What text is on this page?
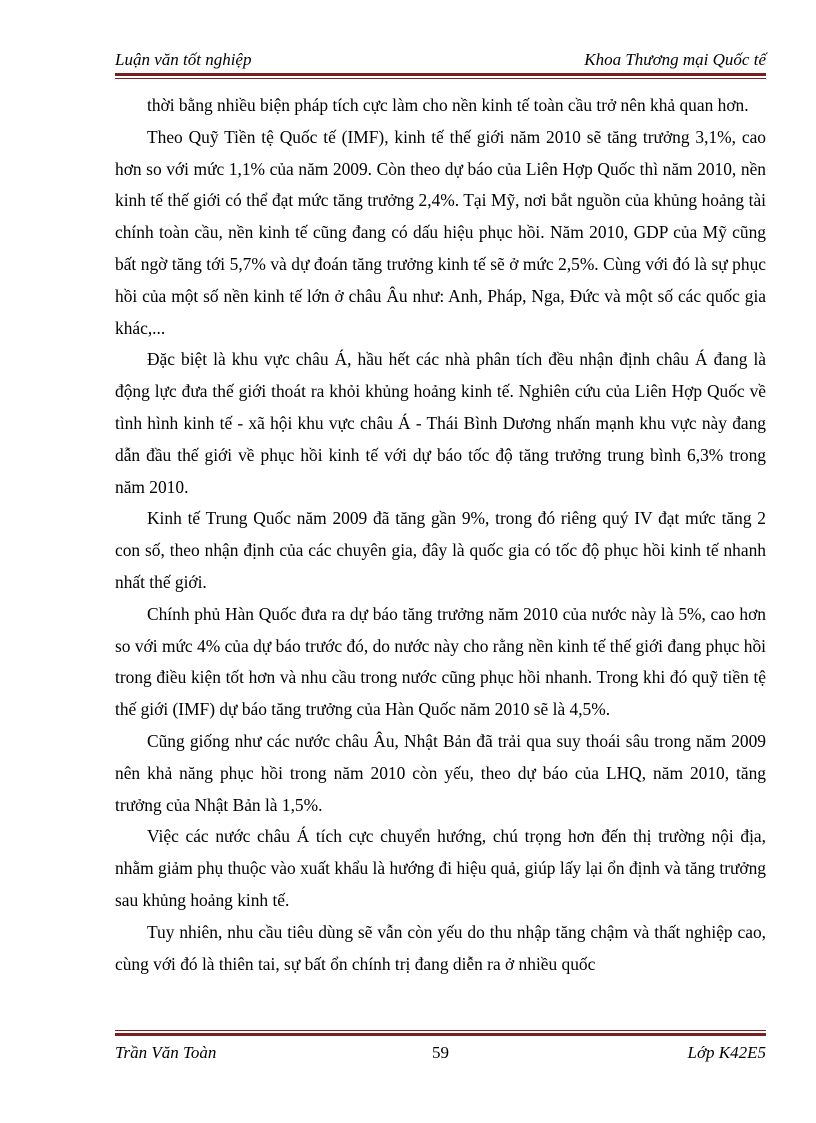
Luận văn tốt nghiệp	Khoa Thương mại Quốc tế

thời bằng nhiều biện pháp tích cực làm cho nền kinh tế toàn cầu trở nên khả quan hơn.

Theo Quỹ Tiền tệ Quốc tế (IMF), kinh tế thế giới năm 2010 sẽ tăng trưởng 3,1%, cao hơn so với mức 1,1% của năm 2009. Còn theo dự báo của Liên Hợp Quốc thì năm 2010, nền kinh tế thế giới có thể đạt mức tăng trưởng 2,4%. Tại Mỹ, nơi bắt nguồn của khủng hoảng tài chính toàn cầu, nền kinh tế cũng đang có dấu hiệu phục hồi. Năm 2010, GDP của Mỹ cũng bất ngờ tăng tới 5,7% và dự đoán tăng trưởng kinh tế sẽ ở mức 2,5%. Cùng với đó là sự phục hồi của một số nền kinh tế lớn ở châu Âu như: Anh, Pháp, Nga, Đức và một số các quốc gia khác,...

Đặc biệt là khu vực châu Á, hầu hết các nhà phân tích đều nhận định châu Á đang là động lực đưa thế giới thoát ra khỏi khủng hoảng kinh tế. Nghiên cứu của Liên Hợp Quốc về tình hình kinh tế - xã hội khu vực châu Á - Thái Bình Dương nhấn mạnh khu vực này đang dẫn đầu thế giới về phục hồi kinh tế với dự báo tốc độ tăng trưởng trung bình 6,3% trong năm 2010.

Kinh tế Trung Quốc năm 2009 đã tăng gần 9%, trong đó riêng quý IV đạt mức tăng 2 con số, theo nhận định của các chuyên gia, đây là quốc gia có tốc độ phục hồi kinh tế nhanh nhất thế giới.

Chính phủ Hàn Quốc đưa ra dự báo tăng trưởng năm 2010 của nước này là 5%, cao hơn so với mức 4% của dự báo trước đó, do nước này cho rằng nền kinh tế thế giới đang phục hồi trong điều kiện tốt hơn và nhu cầu trong nước cũng phục hồi nhanh. Trong khi đó quỹ tiền tệ thế giới (IMF) dự báo tăng trưởng của Hàn Quốc năm 2010 sẽ là 4,5%.

Cũng giống như các nước châu Âu, Nhật Bản đã trải qua suy thoái sâu trong năm 2009 nên khả năng phục hồi trong năm 2010 còn yếu, theo dự báo của LHQ, năm 2010, tăng trưởng của Nhật Bản là 1,5%.

Việc các nước châu Á tích cực chuyển hướng, chú trọng hơn đến thị trường nội địa, nhằm giảm phụ thuộc vào xuất khẩu là hướng đi hiệu quả, giúp lấy lại ổn định và tăng trưởng sau khủng hoảng kinh tế.

Tuy nhiên, nhu cầu tiêu dùng sẽ vẫn còn yếu do thu nhập tăng chậm và thất nghiệp cao, cùng với đó là thiên tai, sự bất ổn chính trị đang diễn ra ở nhiều quốc

Trần Văn Toàn	59	Lớp K42E5
